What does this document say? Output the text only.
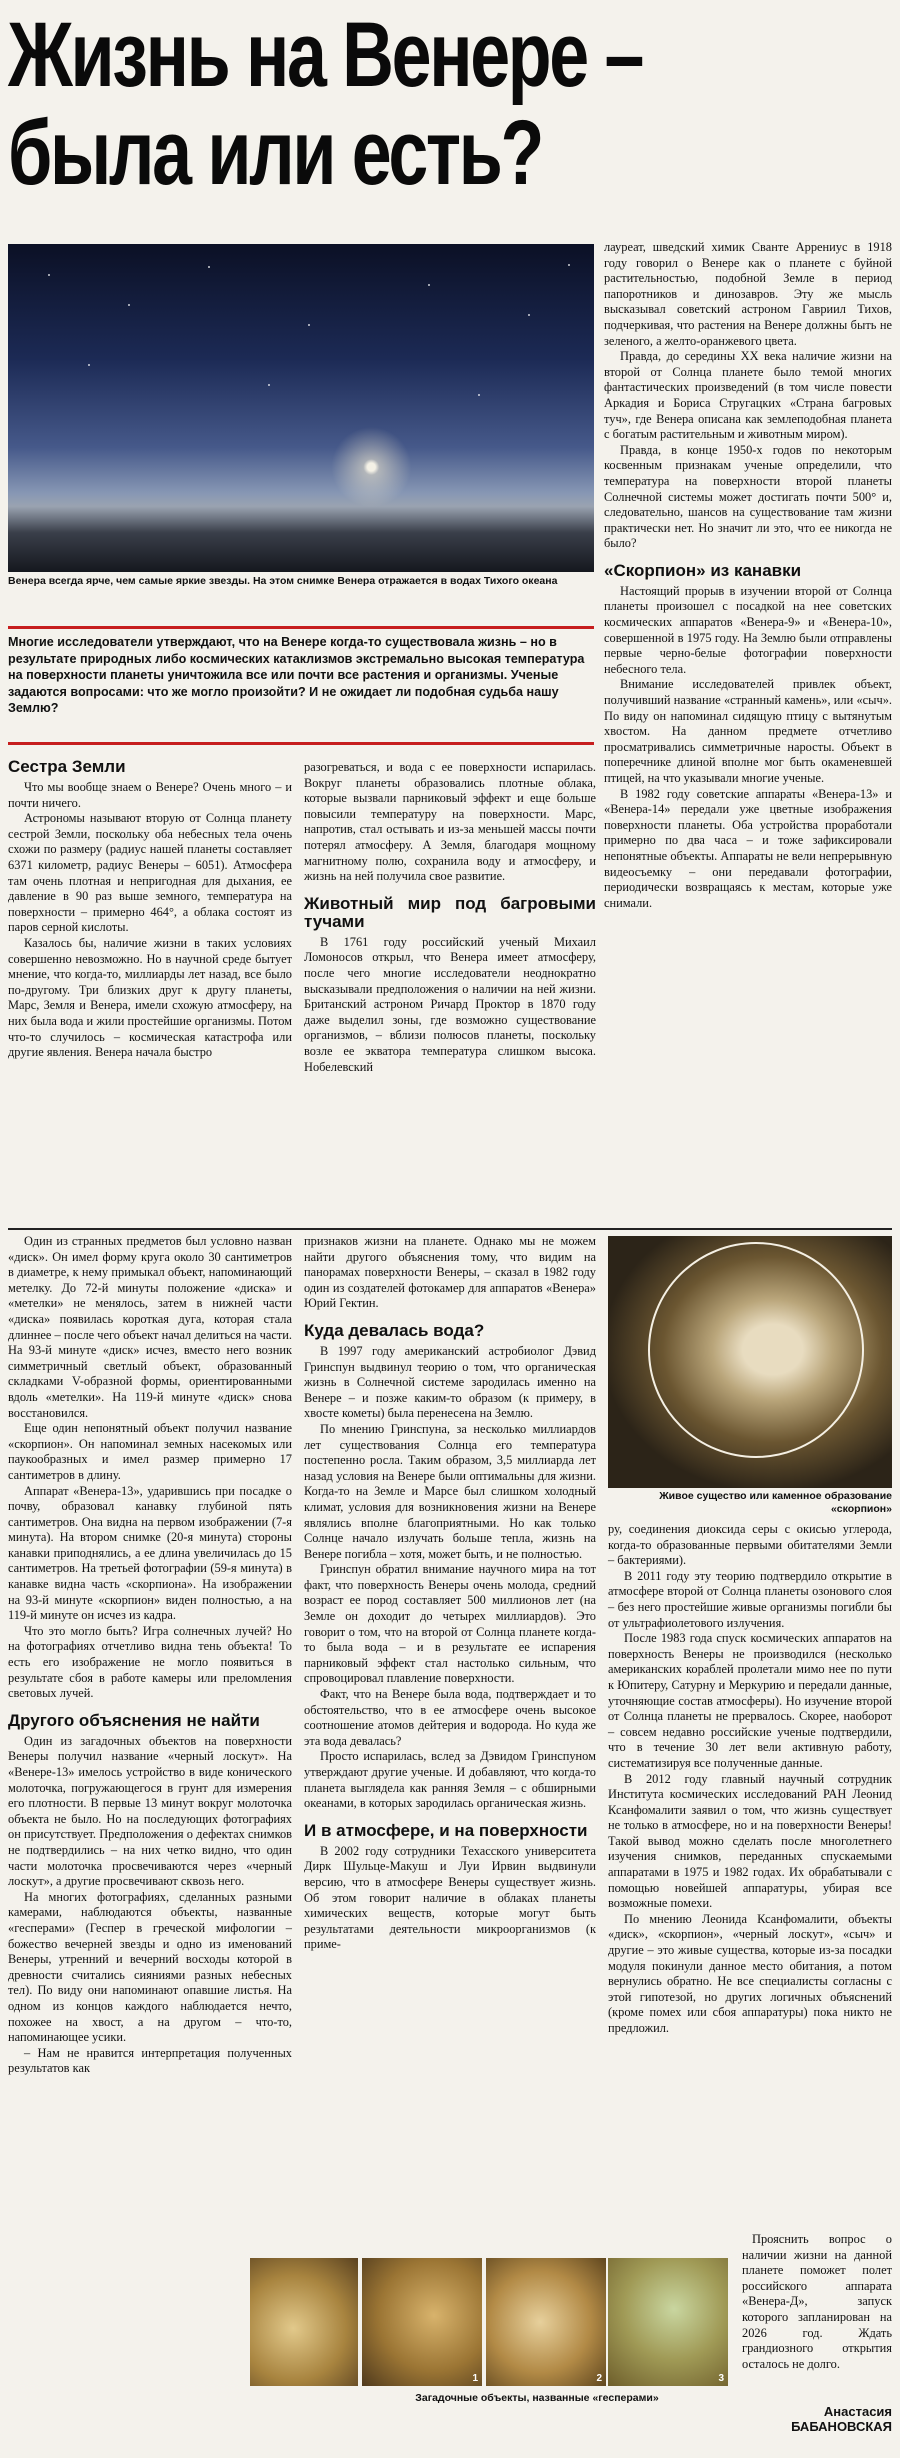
Жизнь на Венере –
была или есть?
Венера всегда ярче, чем самые яркие звезды. На этом снимке Венера отражается в водах Тихого океана
Многие исследователи утверждают, что на Венере когда-то существовала жизнь – но в результате природных либо космических катаклизмов экстремально высокая температура на поверхности планеты уничтожила все или почти все растения и организмы. Ученые задаются вопросами: что же могло произойти? И не ожидает ли подобная судьба нашу Землю?

лауреат, шведский химик Сванте Аррениус в 1918 году говорил о Венере как о планете с буйной растительностью, подобной Земле в период папоротников и динозавров. Эту же мысль высказывал советский астроном Гавриил Тихов, подчеркивая, что растения на Венере должны быть не зеленого, а желто-оранжевого цвета.

Правда, до середины XX века наличие жизни на второй от Солнца планете было темой многих фантастических произведений (в том числе повести Аркадия и Бориса Стругацких «Страна багровых туч», где Венера описана как землеподобная планета с богатым растительным и животным миром).

Правда, в конце 1950-х годов по некоторым косвенным признакам ученые определили, что температура на поверхности второй планеты Солнечной системы может достигать почти 500° и, следовательно, шансов на существование там жизни практически нет. Но значит ли это, что ее никогда не было?

«Скорпион» из канавки

Настоящий прорыв в изучении второй от Солнца планеты произошел с посадкой на нее советских космических аппаратов «Венера-9» и «Венера-10», совершенной в 1975 году. На Землю были отправлены первые черно-белые фотографии поверхности небесного тела.

Внимание исследователей привлек объект, получивший название «странный камень», или «сыч». По виду он напоминал сидящую птицу с вытянутым хвостом. На данном предмете отчетливо просматривались симметричные наросты. Объект в поперечнике длиной вполне мог быть окаменевшей птицей, на что указывали многие ученые.

В 1982 году советские аппараты «Венера-13» и «Венера-14» передали уже цветные изображения поверхности планеты. Оба устройства проработали примерно по два часа – и тоже зафиксировали непонятные объекты. Аппараты не вели непрерывную видеосъемку – они передавали фотографии, периодически возвращаясь к местам, которые уже снимали.

Сестра Земли

Что мы вообще знаем о Венере? Очень много – и почти ничего.

Астрономы называют вторую от Солнца планету сестрой Земли, поскольку оба небесных тела очень схожи по размеру (радиус нашей планеты составляет 6371 километр, радиус Венеры – 6051). Атмосфера там очень плотная и непригодная для дыхания, ее давление в 90 раз выше земного, температура на поверхности – примерно 464°, а облака состоят из паров серной кислоты.

Казалось бы, наличие жизни в таких условиях совершенно невозможно. Но в научной среде бытует мнение, что когда-то, миллиарды лет назад, все было по-другому. Три близких друг к другу планеты, Марс, Земля и Венера, имели схожую атмосферу, на них была вода и жили простейшие организмы. Потом что-то случилось – космическая катастрофа или другие явления. Венера начала быстро

разогреваться, и вода с ее поверхности испарилась. Вокруг планеты образовались плотные облака, которые вызвали парниковый эффект и еще больше повысили температуру на поверхности. Марс, напротив, стал остывать и из-за меньшей массы почти потерял атмосферу. А Земля, благодаря мощному магнитному полю, сохранила воду и атмосферу, и жизнь на ней получила свое развитие.

Животный мир под багровыми тучами

В 1761 году российский ученый Михаил Ломоносов открыл, что Венера имеет атмосферу, после чего многие исследователи неоднократно высказывали предположения о наличии на ней жизни. Британский астроном Ричард Проктор в 1870 году даже выделил зоны, где возможно существование организмов, – вблизи полюсов планеты, поскольку возле ее экватора температура слишком высока. Нобелевский

Один из странных предметов был условно назван «диск». Он имел форму круга около 30 сантиметров в диаметре, к нему примыкал объект, напоминающий метелку. До 72-й минуты положение «диска» и «метелки» не менялось, затем в нижней части «диска» появилась короткая дуга, которая стала длиннее – после чего объект начал делиться на части. На 93-й минуте «диск» исчез, вместо него возник симметричный светлый объект, образованный складками V-образной формы, ориентированными вдоль «метелки». На 119-й минуте «диск» снова восстановился.

Еще один непонятный объект получил название «скорпион». Он напоминал земных насекомых или паукообразных и имел размер примерно 17 сантиметров в длину.

Аппарат «Венера-13», ударившись при посадке о почву, образовал канавку глубиной пять сантиметров. Она видна на первом изображении (7-я минута). На втором снимке (20-я минута) стороны канавки приподнялись, а ее длина увеличилась до 15 сантиметров. На третьей фотографии (59-я минута) в канавке видна часть «скорпиона». На изображении на 93-й минуте «скорпион» виден полностью, а на 119-й минуте он исчез из кадра.

Что это могло быть? Игра солнечных лучей? Но на фотографиях отчетливо видна тень объекта! То есть его изображение не могло появиться в результате сбоя в работе камеры или преломления световых лучей.

Другого объяснения не найти

Один из загадочных объектов на поверхности Венеры получил название «черный лоскут». На «Венере-13» имелось устройство в виде конического молоточка, погружающегося в грунт для измерения его плотности. В первые 13 минут вокруг молоточка объекта не было. Но на последующих фотографиях он присутствует. Предположения о дефектах снимков не подтвердились – на них четко видно, что один части молоточка просвечиваются через «черный лоскут», а другие просвечивают сквозь него.

На многих фотографиях, сделанных разными камерами, наблюдаются объекты, названные «гесперами» (Геспер в греческой мифологии – божество вечерней звезды и одно из именований Венеры, утренний и вечерний восходы которой в древности считались сияниями разных небесных тел). По виду они напоминают опавшие листья. На одном из концов каждого наблюдается нечто, похожее на хвост, а на другом – что-то, напоминающее усики.

– Нам не нравится интерпретация полученных результатов как

признаков жизни на планете. Однако мы не можем найти другого объяснения тому, что видим на панорамах поверхности Венеры, – сказал в 1982 году один из создателей фотокамер для аппаратов «Венера» Юрий Гектин.

Куда девалась вода?

В 1997 году американский астробиолог Дэвид Гринспун выдвинул теорию о том, что органическая жизнь в Солнечной системе зародилась именно на Венере – и позже каким-то образом (к примеру, в хвосте кометы) была перенесена на Землю.

По мнению Гринспуна, за несколько миллиардов лет существования Солнца его температура постепенно росла. Таким образом, 3,5 миллиарда лет назад условия на Венере были оптимальны для жизни. Когда-то на Земле и Марсе был слишком холодный климат, условия для возникновения жизни на Венере являлись вполне благоприятными. Но как только Солнце начало излучать больше тепла, жизнь на Венере погибла – хотя, может быть, и не полностью.

Гринспун обратил внимание научного мира на тот факт, что поверхность Венеры очень молода, средний возраст ее пород составляет 500 миллионов лет (на Земле он доходит до четырех миллиардов). Это говорит о том, что на второй от Солнца планете когда-то была вода – и в результате ее испарения парниковый эффект стал настолько сильным, что спровоцировал плавление поверхности.

Факт, что на Венере была вода, подтверждает и то обстоятельство, что в ее атмосфере очень высокое соотношение атомов дейтерия и водорода. Но куда же эта вода девалась?

Просто испарилась, вслед за Дэвидом Гринспуном утверждают другие ученые. И добавляют, что когда-то планета выглядела как ранняя Земля – с обширными океанами, в которых зародилась органическая жизнь.

И в атмосфере, и на поверхности

В 2002 году сотрудники Техасского университета Дирк Шульце-Макуш и Луи Ирвин выдвинули версию, что в атмосфере Венеры существует жизнь. Об этом говорит наличие в облаках планеты химических веществ, которые могут быть результатами деятельности микроорганизмов (к приме-

Живое существо или каменное образование «скорпион»

ру, соединения диоксида серы с окисью углерода, когда-то образованные первыми обитателями Земли – бактериями).

В 2011 году эту теорию подтвердило открытие в атмосфере второй от Солнца планеты озонового слоя – без него простейшие живые организмы погибли бы от ультрафиолетового излучения.

После 1983 года спуск космических аппаратов на поверхность Венеры не производился (несколько американских кораблей пролетали мимо нее по пути к Юпитеру, Сатурну и Меркурию и передали данные, уточняющие состав атмосферы). Но изучение второй от Солнца планеты не прервалось. Скорее, наоборот – совсем недавно российские ученые подтвердили, что в течение 30 лет вели активную работу, систематизируя все полученные данные.

В 2012 году главный научный сотрудник Института космических исследований РАН Леонид Ксанфомалити заявил о том, что жизнь существует не только в атмосфере, но и на поверхности Венеры! Такой вывод можно сделать после многолетнего изучения снимков, переданных спускаемыми аппаратами в 1975 и 1982 годах. Их обрабатывали с помощью новейшей аппаратуры, убирая все возможные помехи.

По мнению Леонида Ксанфомалити, объекты «диск», «скорпион», «черный лоскут», «сыч» и другие – это живые существа, которые из-за посадки модуля покинули данное место обитания, а потом вернулись обратно. Не все специалисты согласны с этой гипотезой, но других логичных объяснений (кроме помех или сбоя аппаратуры) пока никто не предложил.

Прояснить вопрос о наличии жизни на данной планете поможет полет российского аппарата «Венера-Д», запуск которого запланирован на 2026 год. Ждать грандиозного открытия осталось не долго.

1	2	3
Загадочные объекты, названные «гесперами»
Анастасия
БАБАНОВСКАЯ
